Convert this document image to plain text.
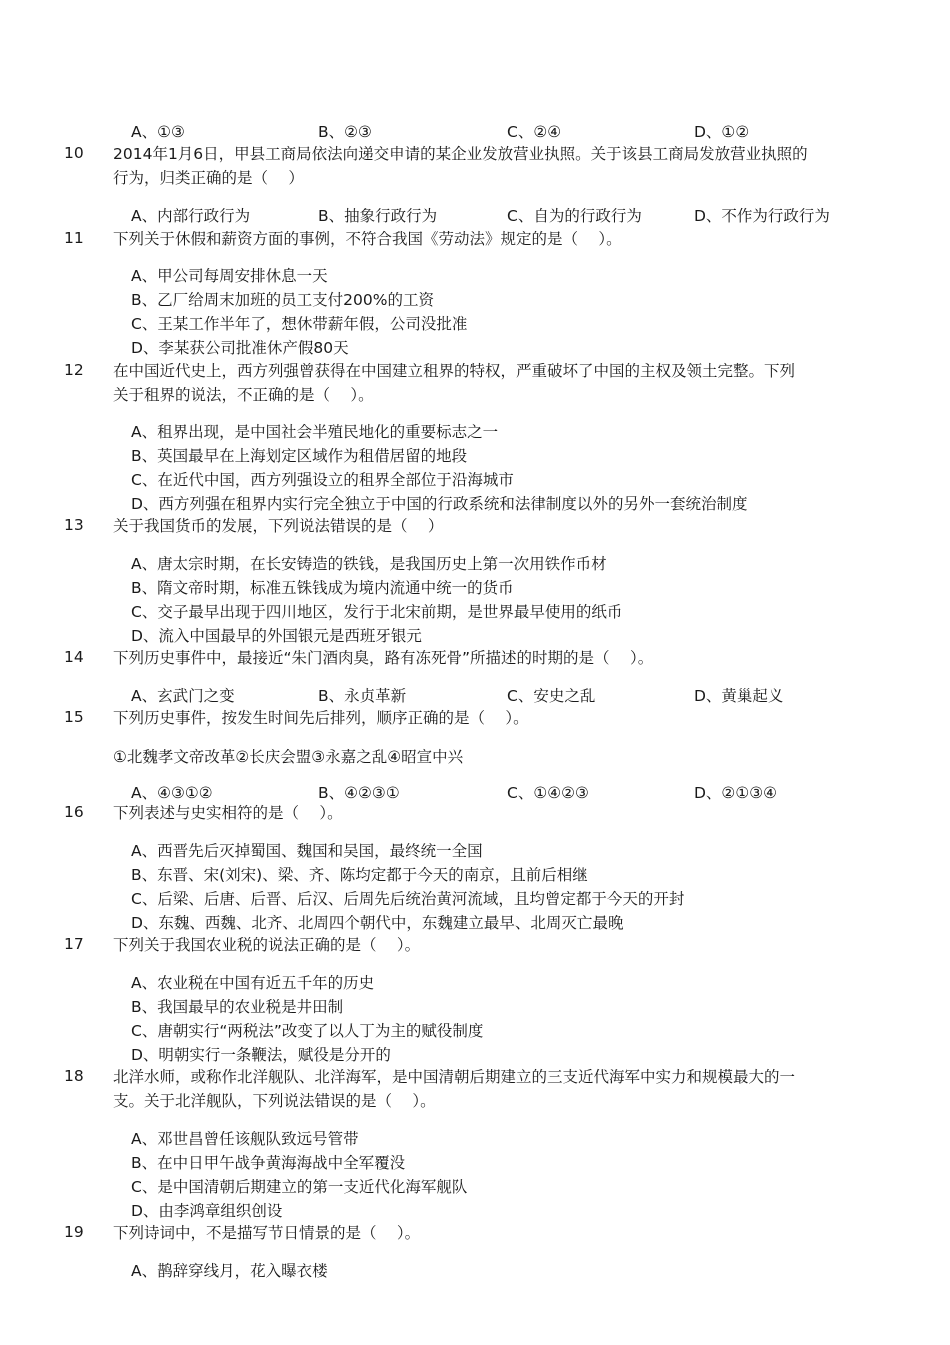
A、①③	B、②③	C、②④	D、①②
10	2014年1月6日，甲县工商局依法向递交申请的某企业发放营业执照。关于该县工商局发放营业执照的
行为，归类正确的是（　 ）
A、内部行政行为	B、抽象行政行为	C、自为的行政行为	D、不作为行政行为
11	下列关于休假和薪资方面的事例，不符合我国《劳动法》规定的是（　 ）。
A、甲公司每周安排休息一天
B、乙厂给周末加班的员工支付200%的工资
C、王某工作半年了，想休带薪年假，公司没批准
D、李某获公司批准休产假80天
12	在中国近代史上，西方列强曾获得在中国建立租界的特权，严重破坏了中国的主权及领土完整。下列
关于租界的说法，不正确的是（　 ）。
A、租界出现，是中国社会半殖民地化的重要标志之一
B、英国最早在上海划定区域作为租借居留的地段
C、在近代中国，西方列强设立的租界全部位于沿海城市
D、西方列强在租界内实行完全独立于中国的行政系统和法律制度以外的另外一套统治制度
13	关于我国货币的发展，下列说法错误的是（　 ）
A、唐太宗时期，在长安铸造的铁钱，是我国历史上第一次用铁作币材
B、隋文帝时期，标准五铢钱成为境内流通中统一的货币
C、交子最早出现于四川地区，发行于北宋前期，是世界最早使用的纸币
D、流入中国最早的外国银元是西班牙银元
14	下列历史事件中，最接近“朱门酒肉臭，路有冻死骨”所描述的时期的是（　 ）。
A、玄武门之变	B、永贞革新	C、安史之乱	D、黄巢起义
15	下列历史事件，按发生时间先后排列，顺序正确的是（　 ）。
①北魏孝文帝改革②长庆会盟③永嘉之乱④昭宣中兴
A、④③①②	B、④②③①	C、①④②③	D、②①③④
16	下列表述与史实相符的是（　 ）。
A、西晋先后灭掉蜀国、魏国和吴国，最终统一全国
B、东晋、宋(刘宋)、梁、齐、陈均定都于今天的南京，且前后相继
C、后梁、后唐、后晋、后汉、后周先后统治黄河流域，且均曾定都于今天的开封
D、东魏、西魏、北齐、北周四个朝代中，东魏建立最早、北周灭亡最晚
17	下列关于我国农业税的说法正确的是（　 ）。
A、农业税在中国有近五千年的历史
B、我国最早的农业税是井田制
C、唐朝实行“两税法”改变了以人丁为主的赋役制度
D、明朝实行一条鞭法，赋役是分开的
18	北洋水师，或称作北洋舰队、北洋海军，是中国清朝后期建立的三支近代海军中实力和规模最大的一
支。关于北洋舰队，下列说法错误的是（　 ）。
A、邓世昌曾任该舰队致远号管带
B、在中日甲午战争黄海海战中全军覆没
C、是中国清朝后期建立的第一支近代化海军舰队
D、由李鸿章组织创设
19	下列诗词中，不是描写节日情景的是（　 ）。
A、鹊辞穿线月，花入曝衣楼
